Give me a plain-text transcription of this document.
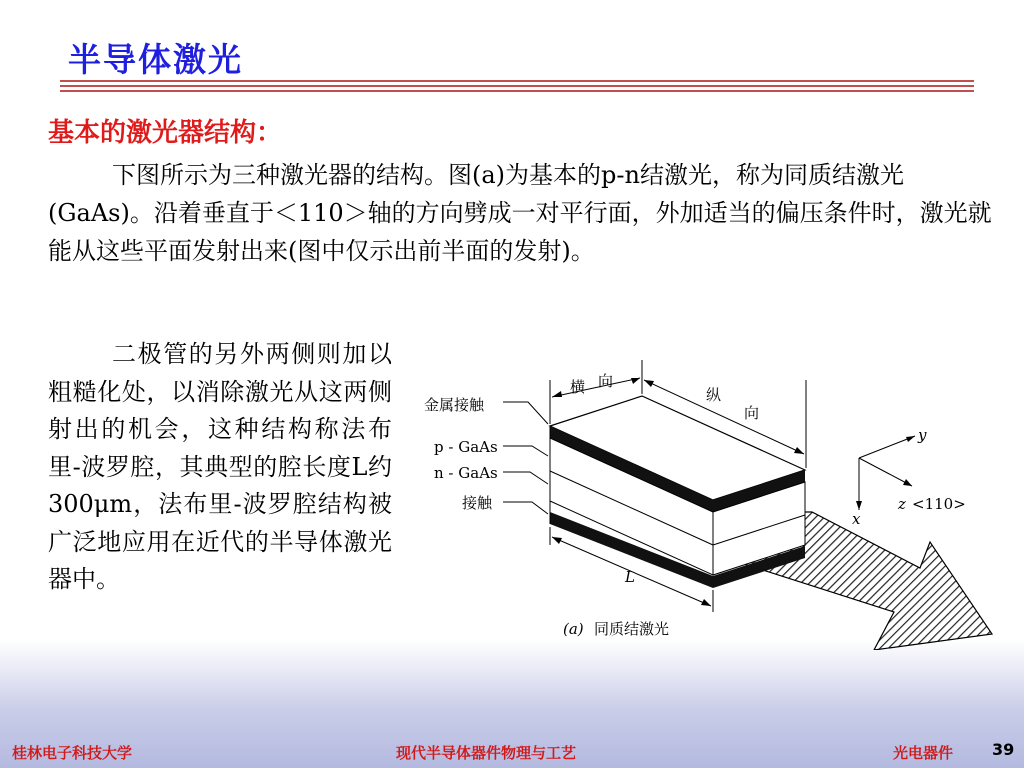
半导体激光
基本的激光器结构：
下图所示为三种激光器的结构。图(a)为基本的p-n结激光，称为同质结激光 (GaAs)。沿着垂直于＜110＞轴的方向劈成一对平行面，外加适当的偏压条件时，激光就能从这些平面发射出来(图中仅示出前半面的发射)。
二极管的另外两侧则加以粗糙化处，以消除激光从这两侧射出的机会，这种结构称法布里-波罗腔，其典型的腔长度L约300μm，法布里-波罗腔结构被广泛地应用在近代的半导体激光器中。
横 向
纵
向
L
金属接触
p - GaAs
n - GaAs
接触
y
x
z <110>
(a) 同质结激光
桂林电子科技大学	现代半导体器件物理与工艺	光电器件 39
